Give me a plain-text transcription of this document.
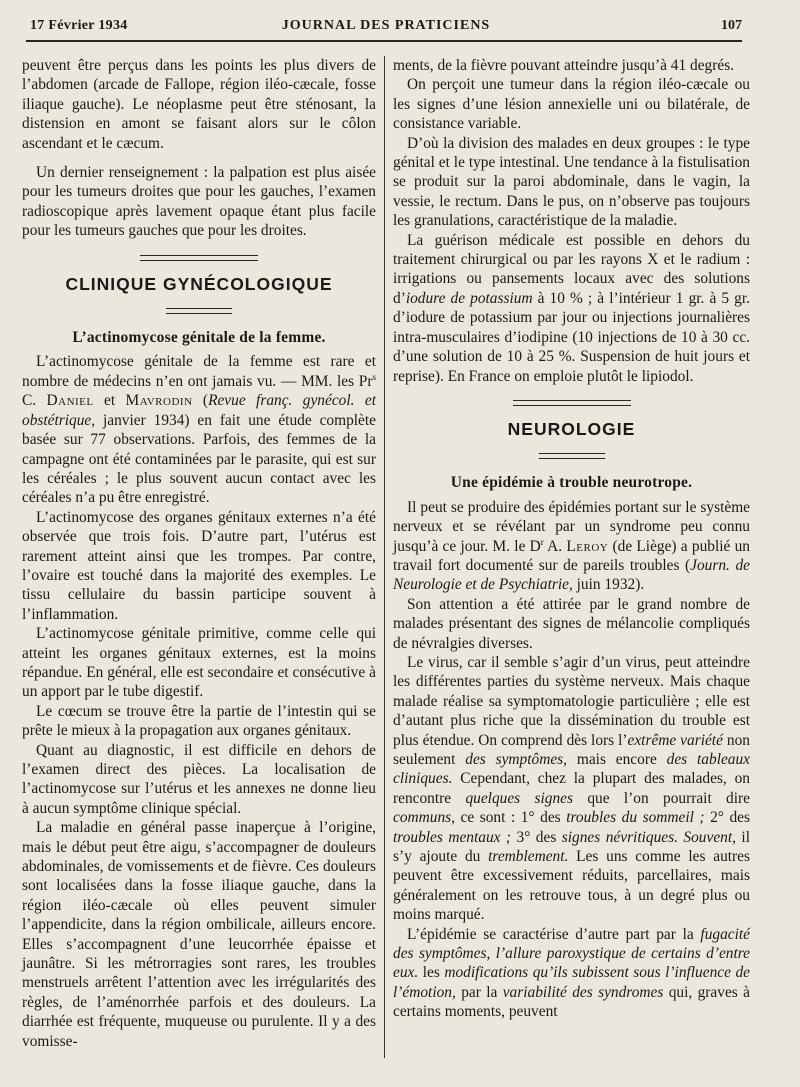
17 Février 1934	JOURNAL DES PRATICIENS	107

peuvent être perçus dans les points les plus divers de l’abdomen (arcade de Fallope, région iléo-cæcale, fosse iliaque gauche). Le néoplasme peut être sténosant, la distension en amont se faisant alors sur le côlon ascendant et le cæcum.

Un dernier renseignement : la palpation est plus aisée pour les tumeurs droites que pour les gauches, l’examen radioscopique après lavement opaque étant plus facile pour les tumeurs gauches que pour les droites.

CLINIQUE GYNÉCOLOGIQUE
L’actinomycose génitale de la femme.

L’actinomycose génitale de la femme est rare et nombre de médecins n’en ont jamais vu. — MM. les Pr$^s$ C. Daniel et Mavrodin (Revue franç. gynécol. et obstétrique, janvier 1934) en fait une étude complète basée sur 77 observations. Parfois, des femmes de la campagne ont été contaminées par le parasite, qui est sur les céréales ; le plus souvent aucun contact avec les céréales n’a pu être enregistré.

L’actinomycose des organes génitaux externes n’a été observée que trois fois. D’autre part, l’utérus est rarement atteint ainsi que les trompes. Par contre, l’ovaire est touché dans la majorité des exemples. Le tissu cellulaire du bassin participe souvent à l’inflammation.

L’actinomycose génitale primitive, comme celle qui atteint les organes génitaux externes, est la moins répandue. En général, elle est secondaire et consécutive à un apport par le tube digestif.

Le cœcum se trouve être la partie de l’intestin qui se prête le mieux à la propagation aux organes génitaux.

Quant au diagnostic, il est difficile en dehors de l’examen direct des pièces. La localisation de l’actinomycose sur l’utérus et les annexes ne donne lieu à aucun symptôme clinique spécial.

La maladie en général passe inaperçue à l’origine, mais le début peut être aigu, s’accompagner de douleurs abdominales, de vomissements et de fièvre. Ces douleurs sont localisées dans la fosse iliaque gauche, dans la région iléo-cæcale où elles peuvent simuler l’appendicite, dans la région ombilicale, ailleurs encore. Elles s’accompagnent d’une leucorrhée épaisse et jaunâtre. Si les métrorragies sont rares, les troubles menstruels arrêtent l’attention avec les irrégularités des règles, de l’aménorrhée parfois et des douleurs. La diarrhée est fréquente, muqueuse ou purulente. Il y a des vomisse-

ments, de la fièvre pouvant atteindre jusqu’à 41 degrés.

On perçoit une tumeur dans la région iléo-cæcale ou les signes d’une lésion annexielle uni ou bilatérale, de consistance variable.

D’où la division des malades en deux groupes : le type génital et le type intestinal. Une tendance à la fistulisation se produit sur la paroi abdominale, dans le vagin, la vessie, le rectum. Dans le pus, on n’observe pas toujours les granulations, caractéristique de la maladie.

La guérison médicale est possible en dehors du traitement chirurgical ou par les rayons X et le radium : irrigations ou pansements locaux avec des solutions d’iodure de potassium à 10 % ; à l’intérieur 1 gr. à 5 gr. d’iodure de potassium par jour ou injections journalières intra-musculaires d’iodipine (10 injections de 10 à 30 cc. d’une solution de 10 à 25 %. Suspension de huit jours et reprise). En France on emploie plutôt le lipiodol.

NEUROLOGIE
Une épidémie à trouble neurotrope.

Il peut se produire des épidémies portant sur le système nerveux et se révélant par un syndrome peu connu jusqu’à ce jour. M. le $D^r$ A. Leroy (de Liège) a publié un travail fort documenté sur de pareils troubles (Journ. de Neurologie et de Psychiatrie, juin 1932).

Son attention a été attirée par le grand nombre de malades présentant des signes de mélancolie compliqués de névralgies diverses.

Le virus, car il semble s’agir d’un virus, peut atteindre les différentes parties du système nerveux. Mais chaque malade réalise sa symptomatologie particulière ; elle est d’autant plus riche que la dissémination du trouble est plus étendue. On comprend dès lors l’extrême variété non seulement des symptômes, mais encore des tableaux cliniques. Cependant, chez la plupart des malades, on rencontre quelques signes que l’on pourrait dire communs, ce sont : 1° des troubles du sommeil ; 2° des troubles mentaux ; 3° des signes névritiques. Souvent, il s’y ajoute du tremblement. Les uns comme les autres peuvent être excessivement réduits, parcellaires, mais généralement on les retrouve tous, à un degré plus ou moins marqué.

L’épidémie se caractérise d’autre part par la fugacité des symptômes, l’allure paroxystique de certains d’entre eux. les modifications qu’ils subissent sous l’influence de l’émotion, par la variabilité des syndromes qui, graves à certains moments, peuvent
